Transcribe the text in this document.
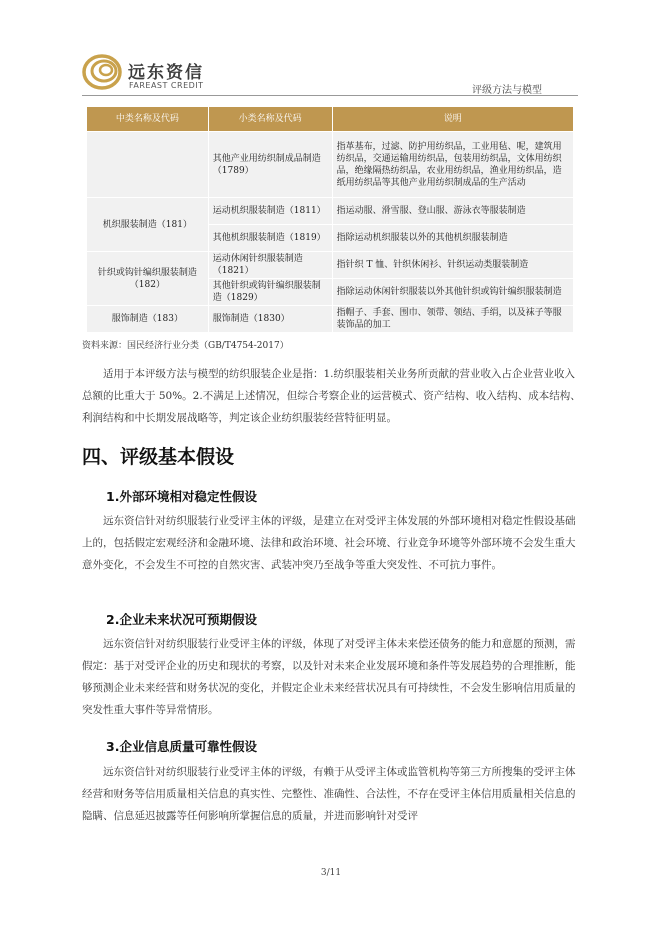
远东资信
FAREAST CREDIT	评级方法与模型
中类名称及代码	小类名称及代码	说明
	其他产业用纺织制成品制造（1789）	指革基布，过滤、防护用纺织品，工业用毡、呢，建筑用纺织品，交通运输用纺织品，包装用纺织品，文体用纺织品，绝缘隔热纺织品，农业用纺织品，渔业用纺织品，造纸用纺织品等其他产业用纺织制成品的生产活动
机织服装制造（181）	运动机织服装制造（1811）	指运动服、滑雪服、登山服、游泳衣等服装制造
	其他机织服装制造（1819）	指除运动机织服装以外的其他机织服装制造
针织或钩针编织服装制造（182）	运动休闲针织服装制造（1821）	指针织 T 恤、针织休闲衫、针织运动类服装制造
	其他针织或钩针编织服装制造（1829）	指除运动休闲针织服装以外其他针织或钩针编织服装制造
服饰制造（183）	服饰制造（1830）	指帽子、手套、围巾、领带、领结、手绢，以及袜子等服装饰品的加工
资料来源：国民经济行业分类（GB/T4754-2017）

适用于本评级方法与模型的纺织服装企业是指：1.纺织服装相关业务所贡献的营业收入占企业营业收入总额的比重大于 50%。2.不满足上述情况，但综合考察企业的运营模式、资产结构、收入结构、成本结构、利润结构和中长期发展战略等，判定该企业纺织服装经营特征明显。

四、评级基本假设
1.外部环境相对稳定性假设

远东资信针对纺织服装行业受评主体的评级，是建立在对受评主体发展的外部环境相对稳定性假设基础上的，包括假定宏观经济和金融环境、法律和政治环境、社会环境、行业竞争环境等外部环境不会发生重大意外变化，不会发生不可控的自然灾害、武装冲突乃至战争等重大突发性、不可抗力事件。

2.企业未来状况可预期假设

远东资信针对纺织服装行业受评主体的评级，体现了对受评主体未来偿还债务的能力和意愿的预测，需假定：基于对受评企业的历史和现状的考察，以及针对未来企业发展环境和条件等发展趋势的合理推断，能够预测企业未来经营和财务状况的变化，并假定企业未来经营状况具有可持续性，不会发生影响信用质量的突发性重大事件等异常情形。

3.企业信息质量可靠性假设

远东资信针对纺织服装行业受评主体的评级，有赖于从受评主体或监管机构等第三方所搜集的受评主体经营和财务等信用质量相关信息的真实性、完整性、准确性、合法性，不存在受评主体信用质量相关信息的隐瞒、信息延迟披露等任何影响所掌握信息的质量，并进而影响针对受评

3/11
